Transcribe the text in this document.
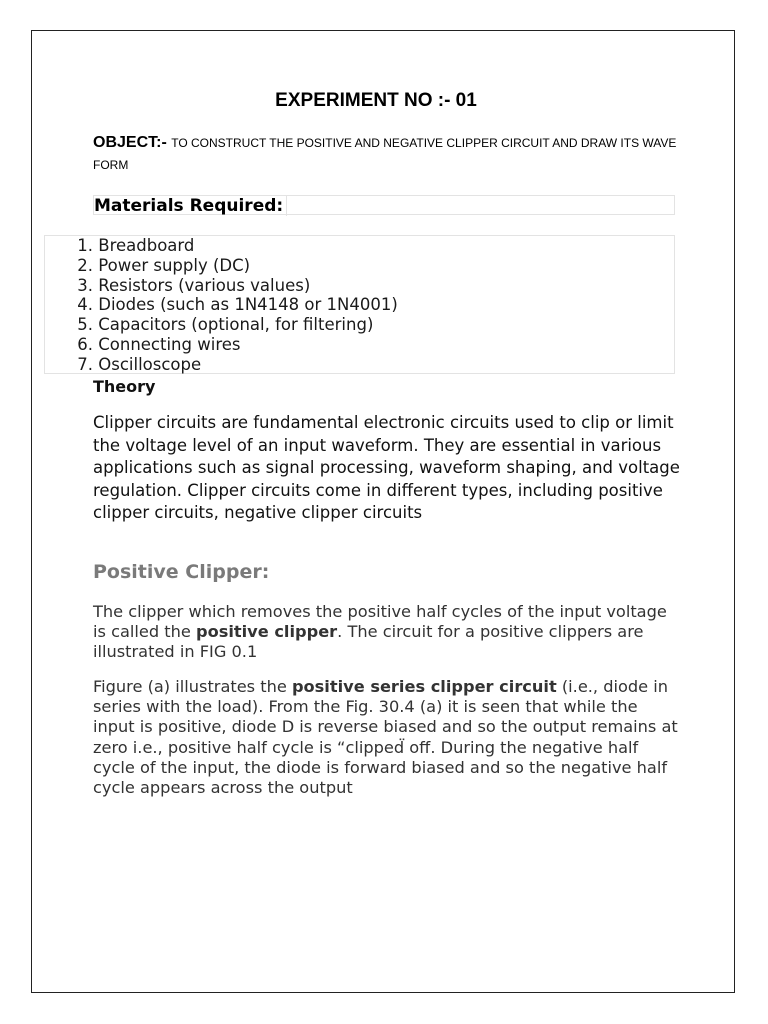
EXPERIMENT NO :- 01
OBJECT:- TO CONSTRUCT THE POSITIVE AND NEGATIVE CLIPPER CIRCUIT AND DRAW ITS WAVE FORM
Materials Required:
1. Breadboard
2. Power supply (DC)
3. Resistors (various values)
4. Diodes (such as 1N4148 or 1N4001)
5. Capacitors (optional, for filtering)
6. Connecting wires
7. Oscilloscope
Theory
Clipper circuits are fundamental electronic circuits used to clip or limit the voltage level of an input waveform. They are essential in various applications such as signal processing, waveform shaping, and voltage regulation. Clipper circuits come in different types, including positive clipper circuits, negative clipper circuits
Positive Clipper:
The clipper which removes the positive half cycles of the input voltage is called the positive clipper. The circuit for a positive clippers are illustrated in FIG 0.1
Figure (a) illustrates the positive series clipper circuit (i.e., diode in series with the load). From the Fig. 30.4 (a) it is seen that while the input is positive, diode D is reverse biased and so the output remains at zero i.e., positive half cycle is “clipped̈ off. During the negative half cycle of the input, the diode is forward biased and so the negative half cycle appears across the output
